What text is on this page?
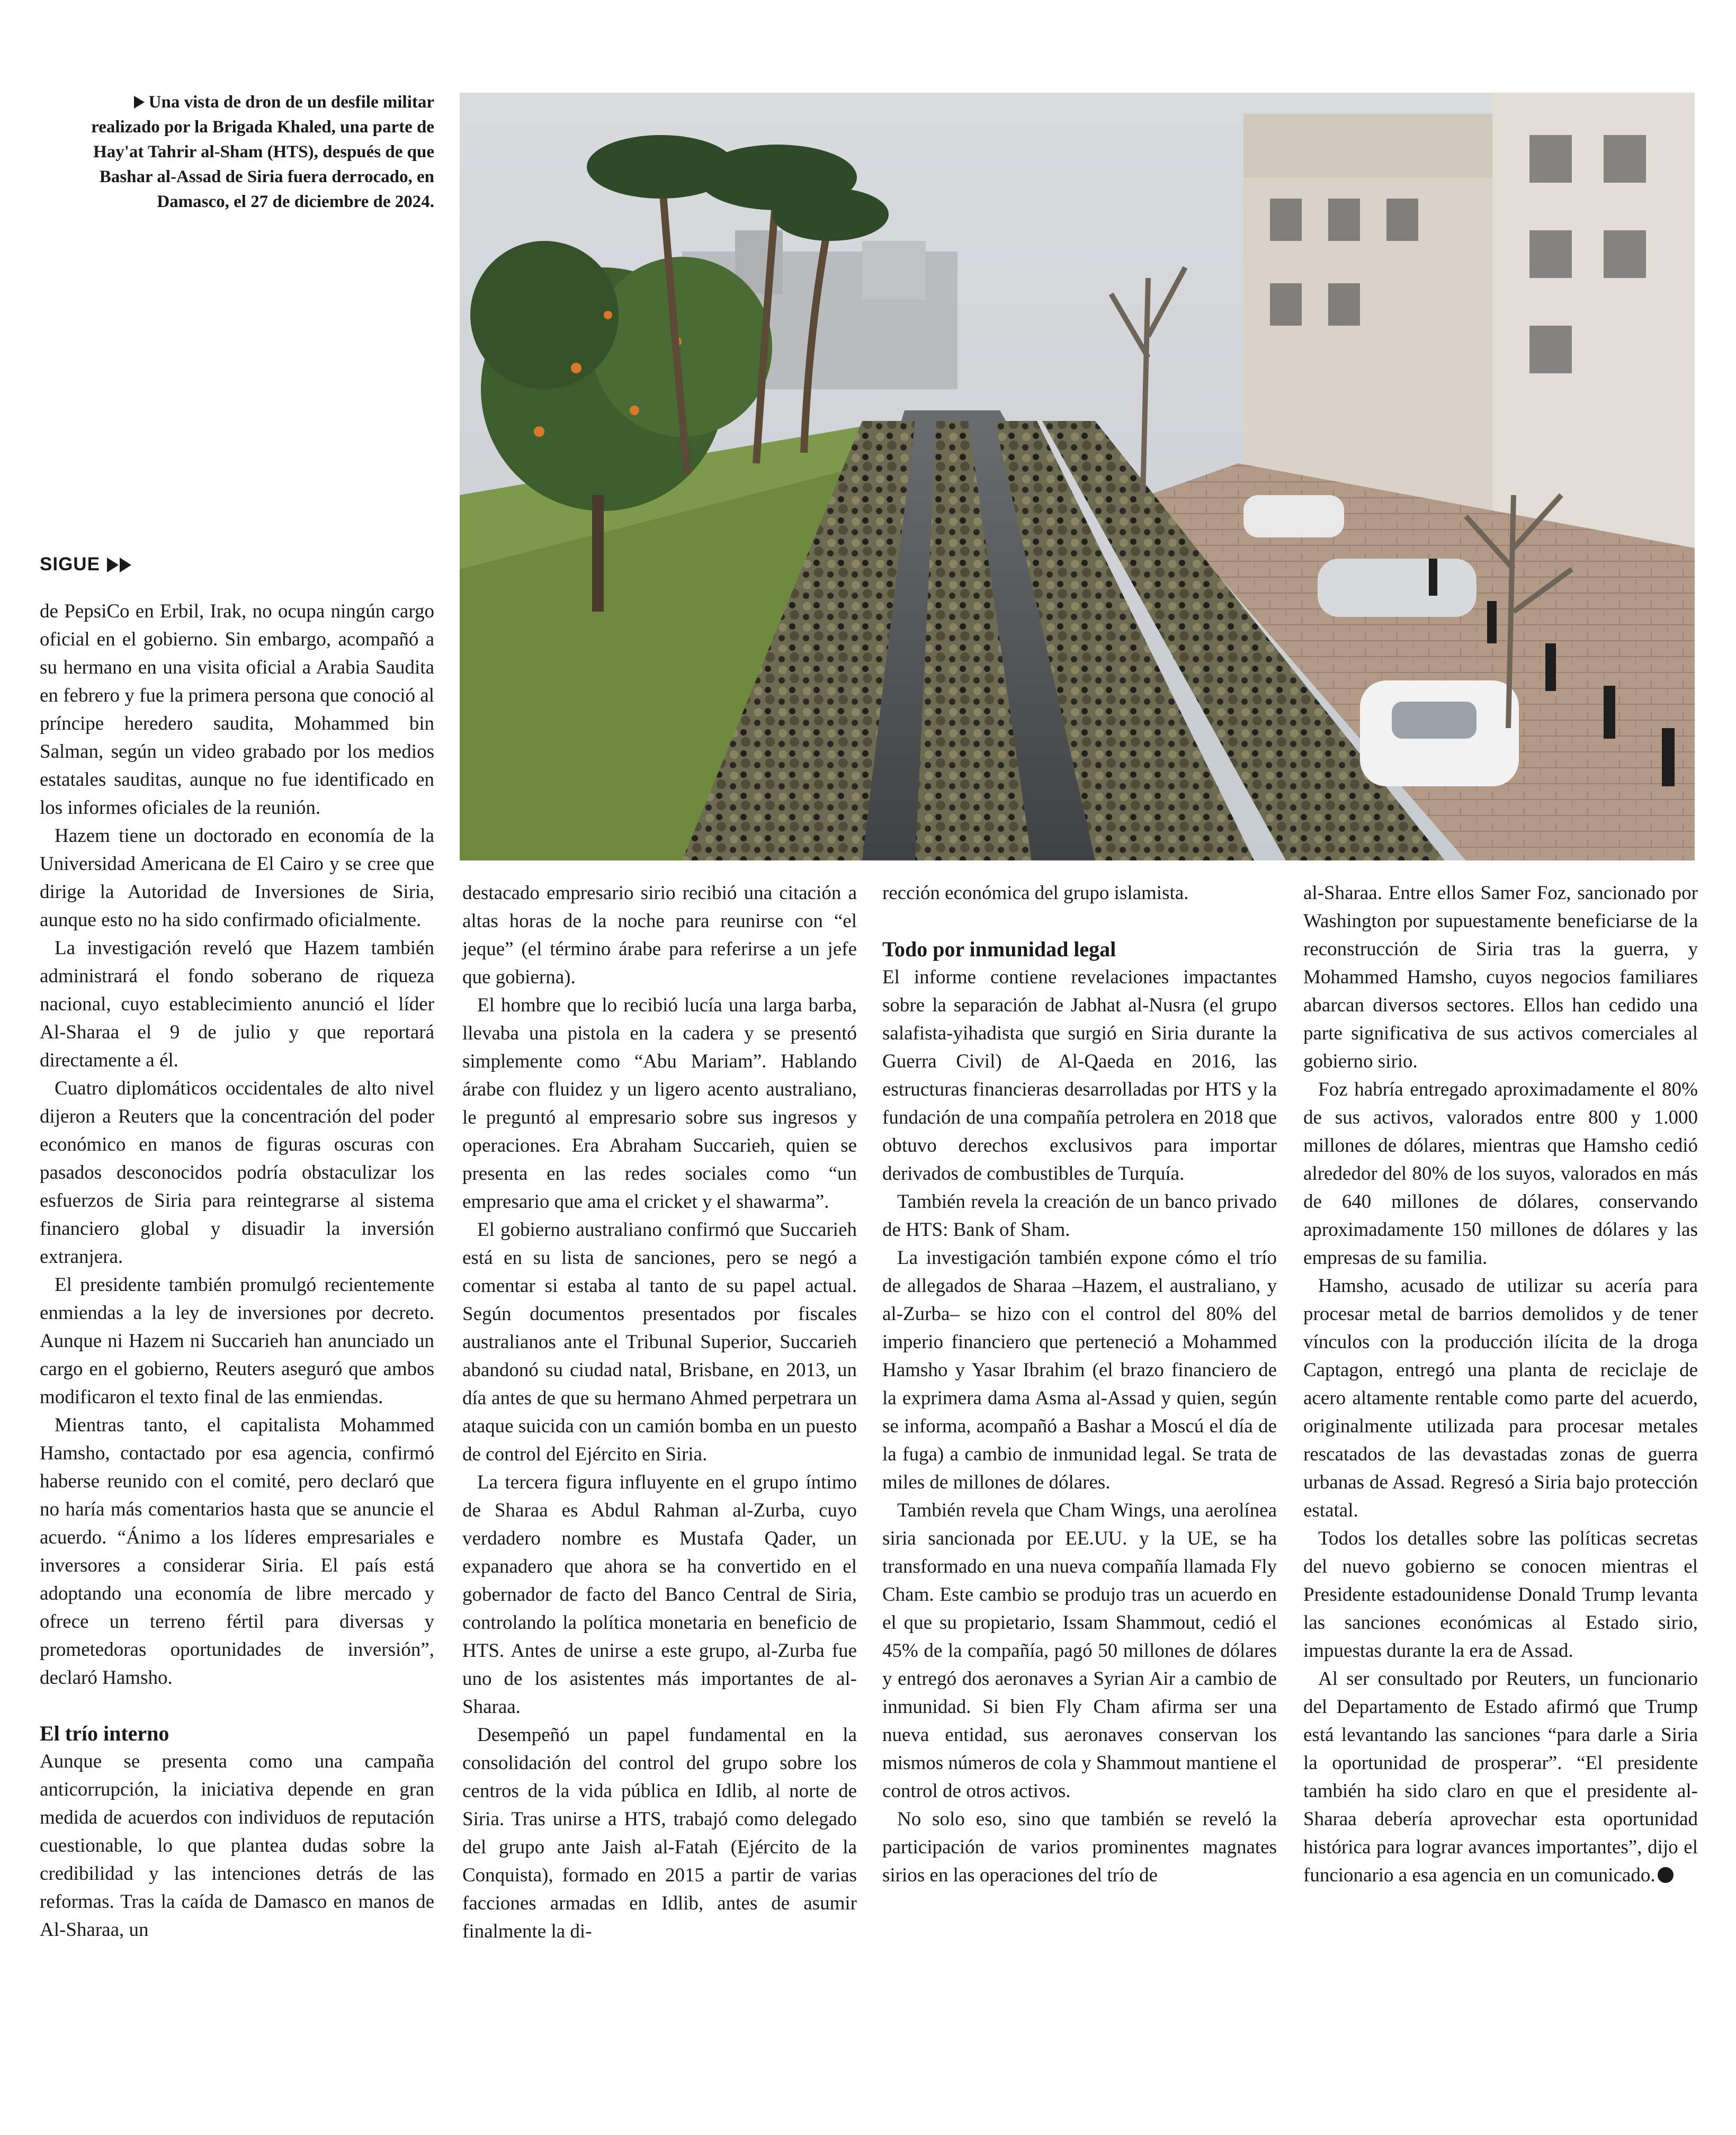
Una vista de dron de un desfile militar realizado por la Brigada Khaled, una parte de Hay'at Tahrir al-Sham (HTS), después de que Bashar al-Assad de Siria fuera derrocado, en Damasco, el 27 de diciembre de 2024.
SIGUE

de PepsiCo en Erbil, Irak, no ocupa ningún cargo oficial en el gobierno. Sin embargo, acompañó a su hermano en una visita oficial a Arabia Saudita en febrero y fue la primera persona que conoció al príncipe heredero saudita, Mohammed bin Salman, según un video grabado por los medios estatales sauditas, aunque no fue identificado en los informes oficiales de la reunión.

Hazem tiene un doctorado en economía de la Universidad Americana de El Cairo y se cree que dirige la Autoridad de Inversiones de Siria, aunque esto no ha sido confirmado oficialmente.

La investigación reveló que Hazem también administrará el fondo soberano de riqueza nacional, cuyo establecimiento anunció el líder Al-Sharaa el 9 de julio y que reportará directamente a él.

Cuatro diplomáticos occidentales de alto nivel dijeron a Reuters que la concentración del poder económico en manos de figuras oscuras con pasados desconocidos podría obstaculizar los esfuerzos de Siria para reintegrarse al sistema financiero global y disuadir la inversión extranjera.

El presidente también promulgó recientemente enmiendas a la ley de inversiones por decreto. Aunque ni Hazem ni Succarieh han anunciado un cargo en el gobierno, Reuters aseguró que ambos modificaron el texto final de las enmiendas.

Mientras tanto, el capitalista Mohammed Hamsho, contactado por esa agencia, confirmó haberse reunido con el comité, pero declaró que no haría más comentarios hasta que se anuncie el acuerdo. “Ánimo a los líderes empresariales e inversores a considerar Siria. El país está adoptando una economía de libre mercado y ofrece un terreno fértil para diversas y prometedoras oportunidades de inversión”, declaró Hamsho.

El trío interno

Aunque se presenta como una campaña anticorrupción, la iniciativa depende en gran medida de acuerdos con individuos de reputación cuestionable, lo que plantea dudas sobre la credibilidad y las intenciones detrás de las reformas. Tras la caída de Damasco en manos de Al-Sharaa, un

destacado empresario sirio recibió una citación a altas horas de la noche para reunirse con “el jeque” (el término árabe para referirse a un jefe que gobierna).

El hombre que lo recibió lucía una larga barba, llevaba una pistola en la cadera y se presentó simplemente como “Abu Mariam”. Hablando árabe con fluidez y un ligero acento australiano, le preguntó al empresario sobre sus ingresos y operaciones. Era Abraham Succarieh, quien se presenta en las redes sociales como “un empresario que ama el cricket y el shawarma”.

El gobierno australiano confirmó que Succarieh está en su lista de sanciones, pero se negó a comentar si estaba al tanto de su papel actual. Según documentos presentados por fiscales australianos ante el Tribunal Superior, Succarieh abandonó su ciudad natal, Brisbane, en 2013, un día antes de que su hermano Ahmed perpetrara un ataque suicida con un camión bomba en un puesto de control del Ejército en Siria.

La tercera figura influyente en el grupo íntimo de Sharaa es Abdul Rahman al-Zurba, cuyo verdadero nombre es Mustafa Qader, un expanadero que ahora se ha convertido en el gobernador de facto del Banco Central de Siria, controlando la política monetaria en beneficio de HTS. Antes de unirse a este grupo, al-Zurba fue uno de los asistentes más importantes de al-Sharaa.

Desempeñó un papel fundamental en la consolidación del control del grupo sobre los centros de la vida pública en Idlib, al norte de Siria. Tras unirse a HTS, trabajó como delegado del grupo ante Jaish al-Fatah (Ejército de la Conquista), formado en 2015 a partir de varias facciones armadas en Idlib, antes de asumir finalmente la di-

rección económica del grupo islamista.

Todo por inmunidad legal

El informe contiene revelaciones impactantes sobre la separación de Jabhat al-Nusra (el grupo salafista-yihadista que surgió en Siria durante la Guerra Civil) de Al-Qaeda en 2016, las estructuras financieras desarrolladas por HTS y la fundación de una compañía petrolera en 2018 que obtuvo derechos exclusivos para importar derivados de combustibles de Turquía.

También revela la creación de un banco privado de HTS: Bank of Sham.

La investigación también expone cómo el trío de allegados de Sharaa –Hazem, el australiano, y al-Zurba– se hizo con el control del 80% del imperio financiero que perteneció a Mohammed Hamsho y Yasar Ibrahim (el brazo financiero de la exprimera dama Asma al-Assad y quien, según se informa, acompañó a Bashar a Moscú el día de la fuga) a cambio de inmunidad legal. Se trata de miles de millones de dólares.

También revela que Cham Wings, una aerolínea siria sancionada por EE.UU. y la UE, se ha transformado en una nueva compañía llamada Fly Cham. Este cambio se produjo tras un acuerdo en el que su propietario, Issam Shammout, cedió el 45% de la compañía, pagó 50 millones de dólares y entregó dos aeronaves a Syrian Air a cambio de inmunidad. Si bien Fly Cham afirma ser una nueva entidad, sus aeronaves conservan los mismos números de cola y Shammout mantiene el control de otros activos.

No solo eso, sino que también se reveló la participación de varios prominentes magnates sirios en las operaciones del trío de

al-Sharaa. Entre ellos Samer Foz, sancionado por Washington por supuestamente beneficiarse de la reconstrucción de Siria tras la guerra, y Mohammed Hamsho, cuyos negocios familiares abarcan diversos sectores. Ellos han cedido una parte significativa de sus activos comerciales al gobierno sirio.

Foz habría entregado aproximadamente el 80% de sus activos, valorados entre 800 y 1.000 millones de dólares, mientras que Hamsho cedió alrededor del 80% de los suyos, valorados en más de 640 millones de dólares, conservando aproximadamente 150 millones de dólares y las empresas de su familia.

Hamsho, acusado de utilizar su acería para procesar metal de barrios demolidos y de tener vínculos con la producción ilícita de la droga Captagon, entregó una planta de reciclaje de acero altamente rentable como parte del acuerdo, originalmente utilizada para procesar metales rescatados de las devastadas zonas de guerra urbanas de Assad. Regresó a Siria bajo protección estatal.

Todos los detalles sobre las políticas secretas del nuevo gobierno se conocen mientras el Presidente estadounidense Donald Trump levanta las sanciones económicas al Estado sirio, impuestas durante la era de Assad.

Al ser consultado por Reuters, un funcionario del Departamento de Estado afirmó que Trump está levantando las sanciones “para darle a Siria la oportunidad de prosperar”. “El presidente también ha sido claro en que el presidente al-Sharaa debería aprovechar esta oportunidad histórica para lograr avances importantes”, dijo el funcionario a esa agencia en un comunicado.
